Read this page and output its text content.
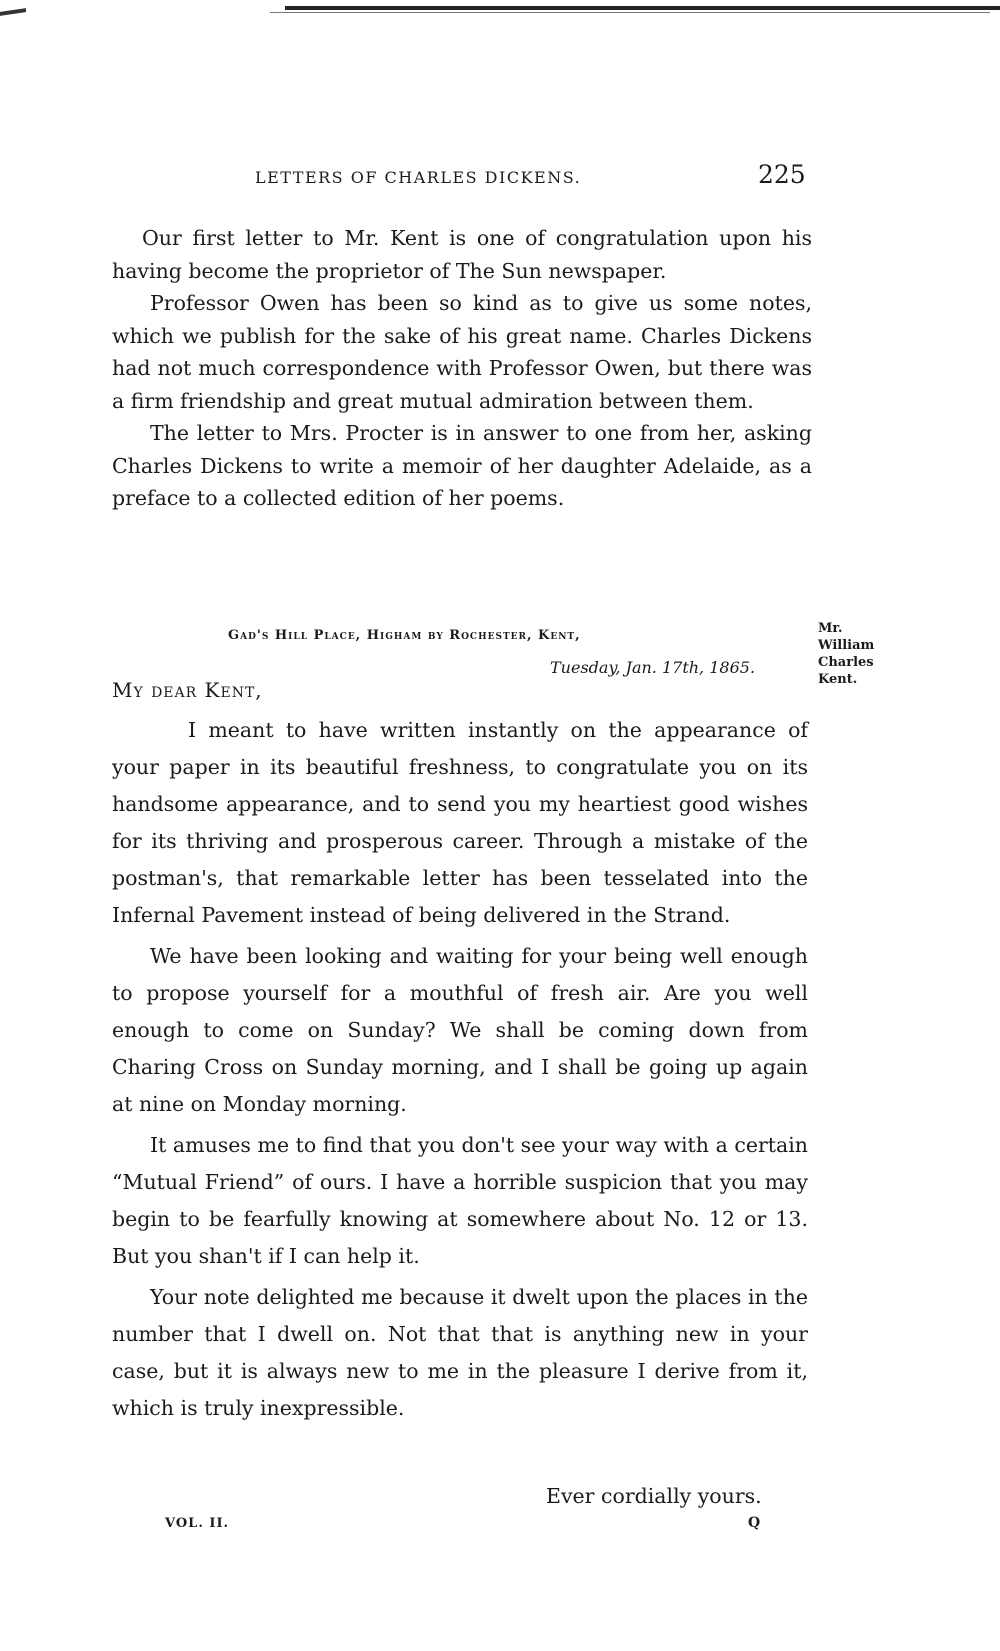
LETTERS OF CHARLES DICKENS.	225

Our first letter to Mr. Kent is one of congratulation upon his having become the proprietor of The Sun newspaper.

Professor Owen has been so kind as to give us some notes, which we publish for the sake of his great name. Charles Dickens had not much correspondence with Professor Owen, but there was a firm friendship and great mutual admiration between them.

The letter to Mrs. Procter is in answer to one from her, asking Charles Dickens to write a memoir of her daughter Adelaide, as a preface to a collected edition of her poems.

Gad's Hill Place, Higham by Rochester, Kent,
Tuesday, Jan. 17th, 1865.
Mr. William Charles Kent.
My dear Kent,

I meant to have written instantly on the appearance of your paper in its beautiful freshness, to congratulate you on its handsome appearance, and to send you my heartiest good wishes for its thriving and prosperous career. Through a mistake of the postman's, that remarkable letter has been tesselated into the Infernal Pavement instead of being delivered in the Strand.

We have been looking and waiting for your being well enough to propose yourself for a mouthful of fresh air. Are you well enough to come on Sunday? We shall be coming down from Charing Cross on Sunday morning, and I shall be going up again at nine on Monday morning.

It amuses me to find that you don't see your way with a certain “Mutual Friend” of ours. I have a horrible suspicion that you may begin to be fearfully knowing at somewhere about No. 12 or 13. But you shan't if I can help it.

Your note delighted me because it dwelt upon the places in the number that I dwell on. Not that that is anything new in your case, but it is always new to me in the pleasure I derive from it, which is truly inexpressible.

Ever cordially yours.
VOL. II.	Q
